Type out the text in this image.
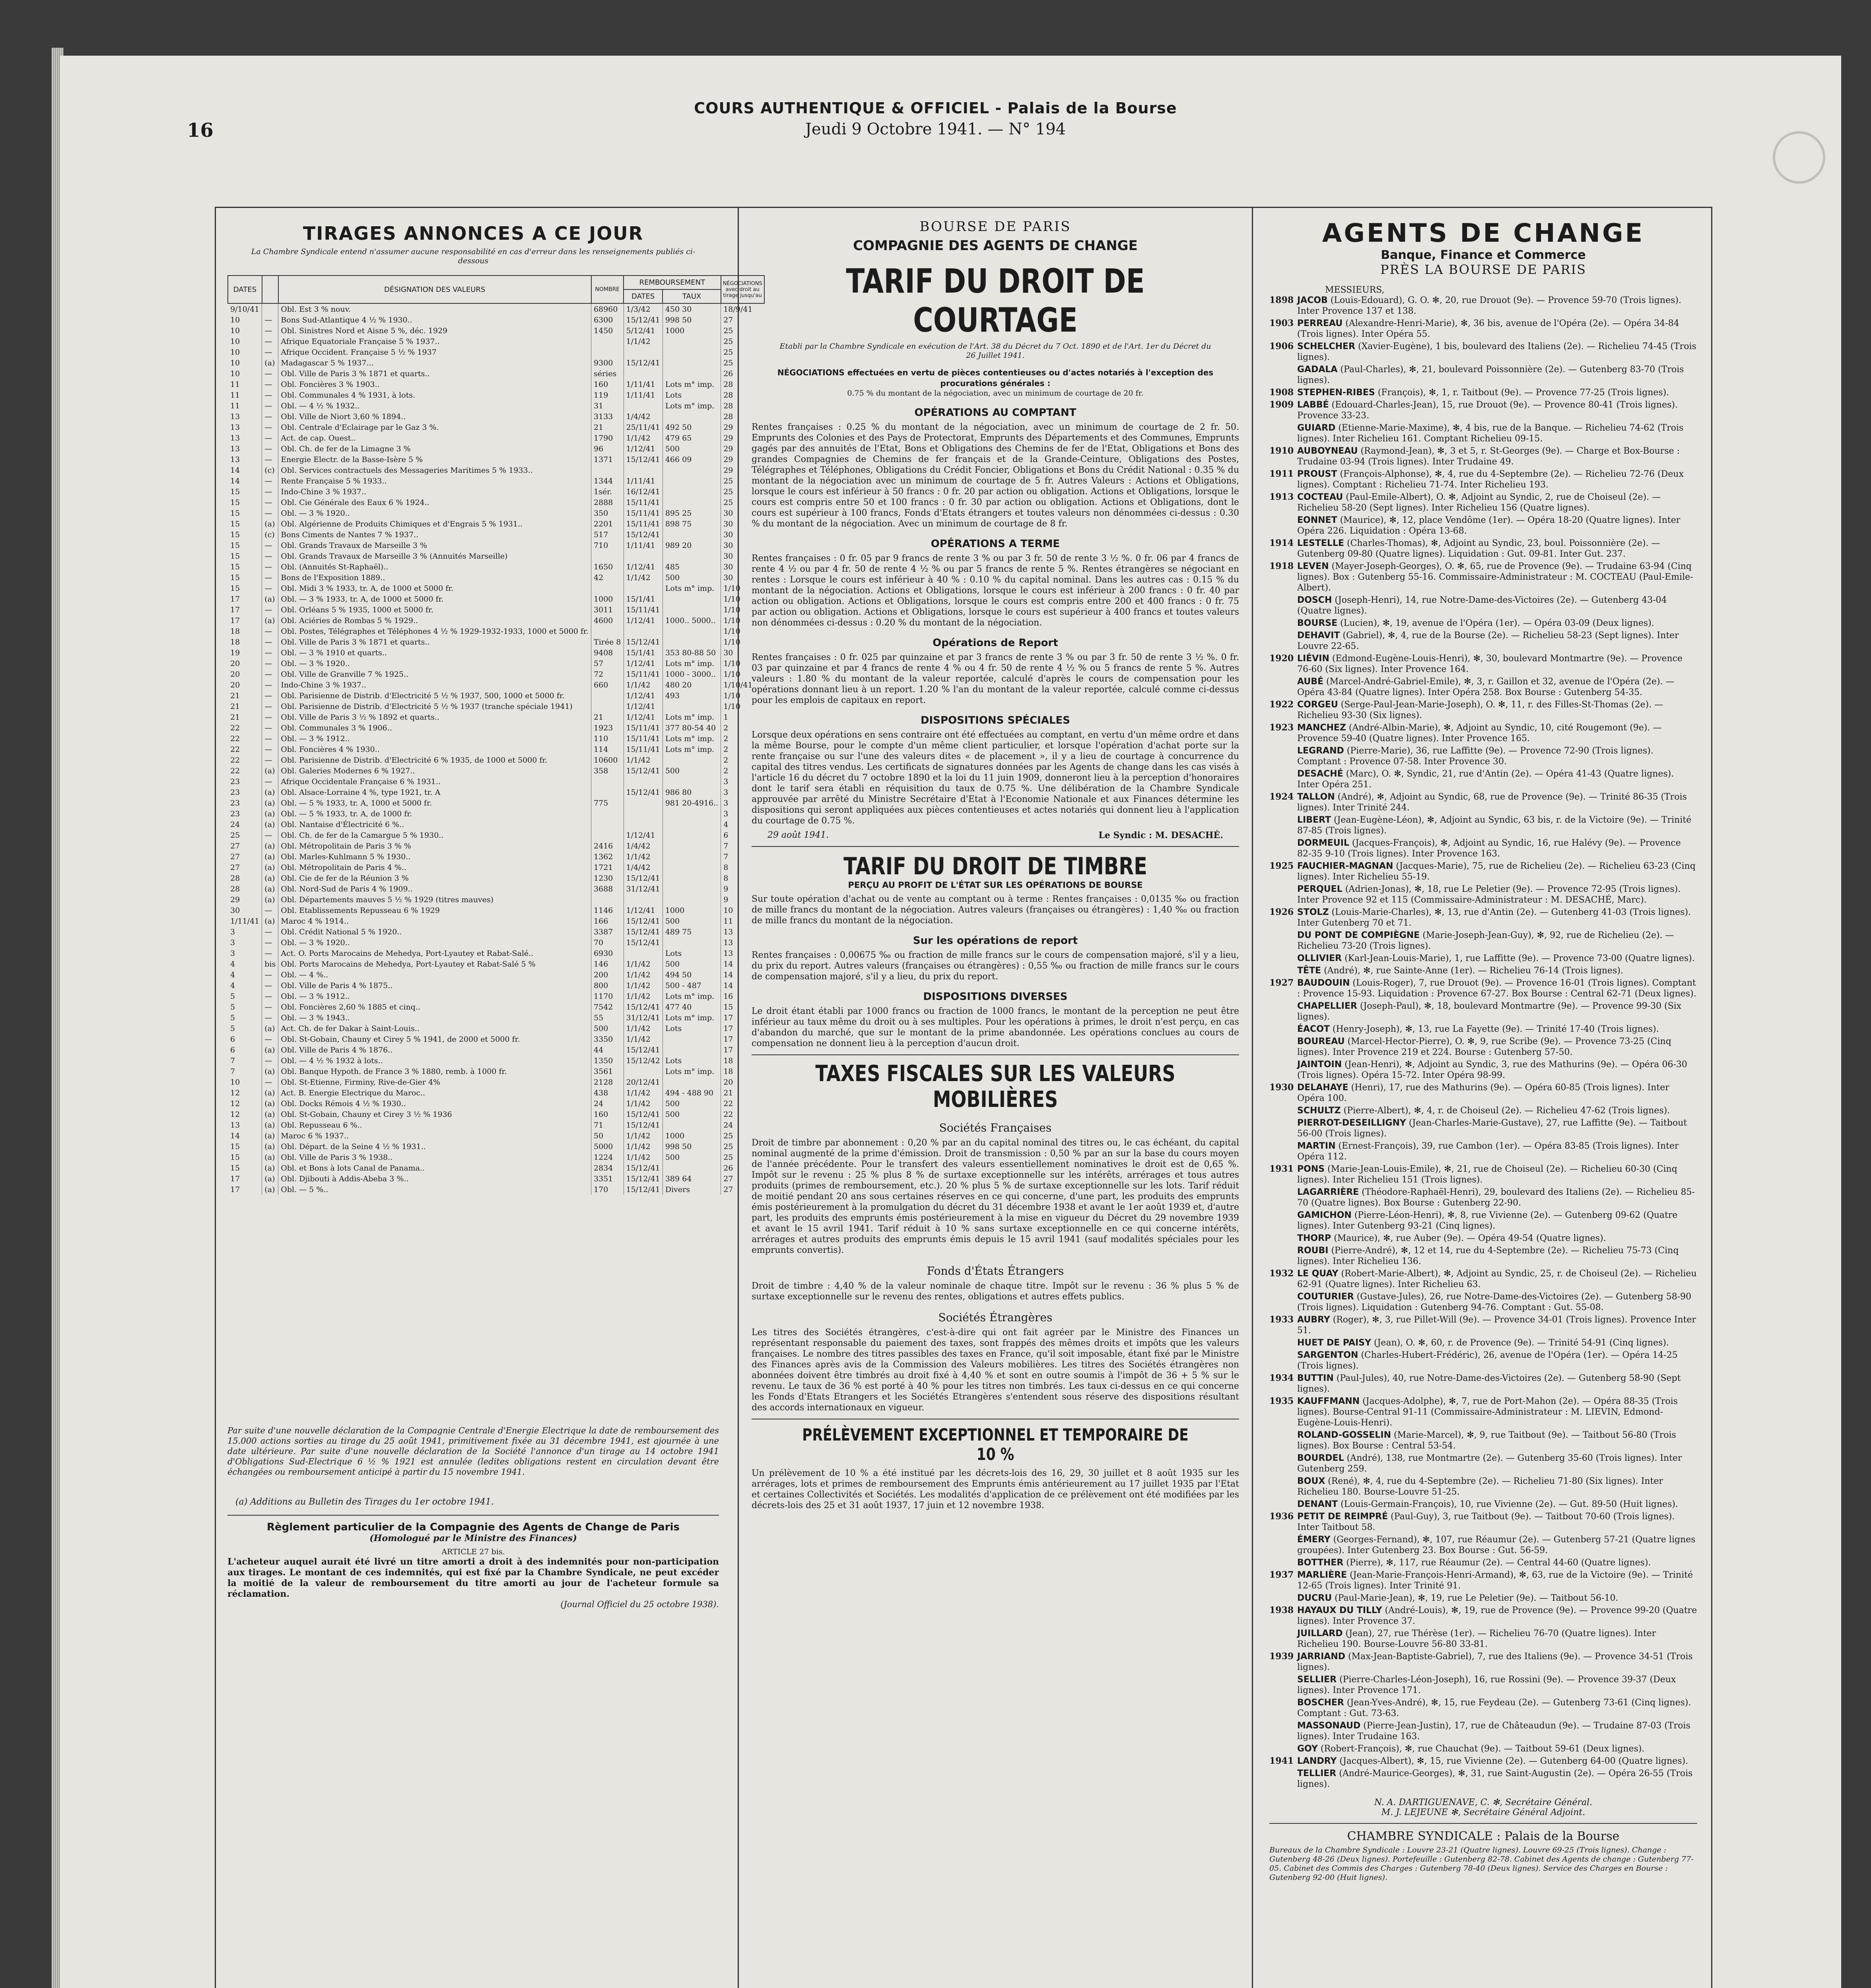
COURS AUTHENTIQUE & OFFICIEL - Palais de la Bourse
Jeudi 9 Octobre 1941. — N° 194
16
TIRAGES ANNONCES A CE JOUR
La Chambre Syndicale entend n'assumer aucune responsabilité en cas d'erreur dans les renseignements publiés ci-dessous
DATES		DÉSIGNATION DES VALEURS	NOMBRE	REMBOURSEMENT		NÉGOCIATIONS avec droit au tirage jusqu'au
				DATES	TAUX	
9/10/41		Obl. Est 3 % nouv.	68960	1/3/42	450 30	18/9/41
10	—	Bons Sud-Atlantique 4 ½ % 1930..	6300	15/12/41	998 50	27
10	—	Obl. Sinistres Nord et Aisne 5 %, déc. 1929	1450	5/12/41	1000	25
10	—	Afrique Equatoriale Française 5 % 1937..		1/1/42		25
10	—	Afrique Occident. Française 5 ½ % 1937				25
10	(a)	Madagascar 5 % 1937...	9300	15/12/41		25
10	—	Obl. Ville de Paris 3 % 1871 et quarts..	séries			26
11	—	Obl. Foncières 3 % 1903..	160	1/11/41	Lots m° imp.	28
11	—	Obl. Communales 4 % 1931, à lots.	119	1/11/41	Lots	28
11	—	Obl. — 4 ½ % 1932..	31		Lots m° imp.	28
13	—	Obl. Ville de Niort 3,60 % 1894..	3133	1/4/42		28
13	—	Obl. Centrale d'Eclairage par le Gaz 3 %.	21	25/11/41	492 50	29
13	—	Act. de cap. Ouest..	1790	1/1/42	479 65	29
13	—	Obl. Ch. de fer de la Limagne 3 %	96	1/12/41	500	29
13	—	Energie Electr. de la Basse-Isère 5 %	1371	15/12/41	466 09	29
14	(c)	Obl. Services contractuels des Messageries Maritimes 5 % 1933..				29
14	—	Rente Française 5 % 1933..	1344	1/11/41		25
15	—	Indo-Chine 3 % 1937..	1sér.	16/12/41		25
15	—	Obl. Cie Générale des Eaux 6 % 1924..	2888	15/11/41		25
15	—	Obl. — 3 % 1920..	350	15/11/41	895 25	30
15	(a)	Obl. Algérienne de Produits Chimiques et d'Engrais 5 % 1931..	2201	15/11/41	898 75	30
15	(c)	Bons Ciments de Nantes 7 % 1937..	517	15/12/41		30
15	—	Obl. Grands Travaux de Marseille 3 %	710	1/11/41	989 20	30
15	—	Obl. Grands Travaux de Marseille 3 % (Annuités Marseille)				30
15	—	Obl. (Annuités St-Raphaël)..	1650	1/12/41	485	30
15	—	Bons de l'Exposition 1889..	42	1/1/42	500	30
15	—	Obl. Midi 3 % 1933, tr. A, de 1000 et 5000 fr.			Lots m° imp.	1/10
17	(a)	Obl. — 3 % 1933, tr. A, de 1000 et 5000 fr.	1000	15/1/41		1/10
17	—	Obl. Orléans 5 % 1935, 1000 et 5000 fr.	3011	15/11/41		1/10
17	(a)	Obl. Aciéries de Rombas 5 % 1929..	4600	1/12/41	1000.. 5000..	1/10
18	—	Obl. Postes, Télégraphes et Téléphones 4 ½ % 1929-1932-1933, 1000 et 5000 fr.				1/10
18	—	Obl. Ville de Paris 3 % 1871 et quarts..	Tirée 8	15/12/41		1/10
19	—	Obl. — 3 % 1910 et quarts..	9408	15/1/41	353 80-88 50	30
20	—	Obl. — 3 % 1920..	57	1/12/41	Lots m° imp.	1/10
20	—	Obl. Ville de Granville 7 % 1925..	72	15/11/41	1000 - 3000..	1/10
20	—	Indo-Chine 3 % 1937..	660	1/1/42	480 20	1/10/41
21	—	Obl. Parisienne de Distrib. d'Electricité 5 ½ % 1937, 500, 1000 et 5000 fr.		1/12/41	493	1/10
21	—	Obl. Parisienne de Distrib. d'Electricité 5 ½ % 1937 (tranche spéciale 1941)		1/12/41		1/10
21	—	Obl. Ville de Paris 3 ½ % 1892 et quarts..	21	1/12/41	Lots m° imp.	1
22	—	Obl. Communales 3 % 1906..	1923	15/11/41	377 80-54 40	2
22	—	Obl. — 3 % 1912..	110	15/11/41	Lots m° imp.	2
22	—	Obl. Foncières 4 % 1930..	114	15/11/41	Lots m° imp.	2
22	—	Obl. Parisienne de Distrib. d'Electricité 6 % 1935, de 1000 et 5000 fr.	10600	1/1/42		2
22	(a)	Obl. Galeries Modernes 6 % 1927..	358	15/12/41	500	2
23	—	Afrique Occidentale Française 6 % 1931..				3
23	(a)	Obl. Alsace-Lorraine 4 %, type 1921, tr. A		15/12/41	986 80	3
23	(a)	Obl. — 5 % 1933, tr. A, 1000 et 5000 fr.	775		981 20-4916..	3
23	(a)	Obl. — 5 % 1933, tr. A, de 1000 fr.				3
24	(a)	Obl. Nantaise d'Électricité 6 %..				4
25	—	Obl. Ch. de fer de la Camargue 5 % 1930..		1/12/41		6
27	(a)	Obl. Métropolitain de Paris 3 % %	2416	1/4/42		7
27	(a)	Obl. Marles-Kuhlmann 5 % 1930..	1362	1/1/42		7
27	(a)	Obl. Métropolitain de Paris 4 %..	1721	1/4/42		8
28	(a)	Obl. Cie de fer de la Réunion 3 %	1230	15/12/41		8
28	(a)	Obl. Nord-Sud de Paris 4 % 1909..	3688	31/12/41		9
29	(a)	Obl. Départements mauves 5 ½ % 1929 (titres mauves)				9
30	—	Obl. Etablissements Repusseau 6 % 1929	1146	1/12/41	1000	10
1/11/41	(a)	Maroc 4 % 1914..	166	15/12/41	500	11
3	—	Obl. Crédit National 5 % 1920..	3387	15/12/41	489 75	13
3	—	Obl. — 3 % 1920..	70	15/12/41		13
3	—	Act. O. Ports Marocains de Mehedya, Port-Lyautey et Rabat-Salé..	6930		Lots	13
4	bis	Obl. Ports Marocains de Mehedya, Port-Lyautey et Rabat-Salé 5 %	146	1/1/42	500	14
4	—	Obl. — 4 %..	200	1/1/42	494 50	14
4	—	Obl. Ville de Paris 4 % 1875..	800	1/1/42	500 - 487	14
5	—	Obl. — 3 % 1912..	1170	1/1/42	Lots m° imp.	16
5	—	Obl. Foncières 2,60 % 1885 et cinq..	7542	15/12/41	477 40	15
5	—	Obl. — 3 % 1943..	55	31/12/41	Lots m° imp.	17
5	(a)	Act. Ch. de fer Dakar à Saint-Louis..	500	1/1/42	Lots	17
6	—	Obl. St-Gobain, Chauny et Cirey 5 % 1941, de 2000 et 5000 fr.	3350	1/1/42		17
6	(a)	Obl. Ville de Paris 4 % 1876..	44	15/12/41		17
7	—	Obl. — 4 ½ % 1932 à lots..	1350	15/12/42	Lots	18
7	(a)	Obl. Banque Hypoth. de France 3 % 1880, remb. à 1000 fr.	3561		Lots m° imp.	18
10	—	Obl. St-Etienne, Firminy, Rive-de-Gier 4%	2128	20/12/41		20
12	(a)	Act. B. Energie Electrique du Maroc..	438	1/1/42	494 - 488 90	21
12	(a)	Obl. Docks Rémois 4 ½ % 1930..	24	1/1/42	500	22
12	(a)	Obl. St-Gobain, Chauny et Cirey 3 ½ % 1936	160	15/12/41	500	22
13	(a)	Obl. Repusseau 6 %..	71	15/12/41		24
14	(a)	Maroc 6 % 1937..	50	1/1/42	1000	25
15	(a)	Obl. Départ. de la Seine 4 ½ % 1931..	5000	1/1/42	998 50	25
15	(a)	Obl. Ville de Paris 3 % 1938..	1224	1/1/42	500	25
15	(a)	Obl. et Bons à lots Canal de Panama..	2834	15/12/41		26
17	(a)	Obl. Djibouti à Addis-Abeba 3 %..	3351	15/12/41	389 64	27
17	(a)	Obl. — 5 %..	170	15/12/41	Divers	27
Par suite d'une nouvelle déclaration de la Compagnie Centrale d'Energie Electrique la date de remboursement des 15.000 actions sorties au tirage du 25 août 1941, primitivement fixée au 31 décembre 1941, est ajournée à une date ultérieure. Par suite d'une nouvelle déclaration de la Société l'annonce d'un tirage au 14 octobre 1941 d'Obligations Sud-Electrique 6 ½ % 1921 est annulée (ledites obligations restent en circulation devant être échangées ou remboursement anticipé à partir du 15 novembre 1941.
(a) Additions au Bulletin des Tirages du 1er octobre 1941.
Règlement particulier de la Compagnie des Agents de Change de Paris
(Homologué par le Ministre des Finances)
ARTICLE 27 bis.
L'acheteur auquel aurait été livré un titre amorti a droit à des indemnités pour non-participation aux tirages. Le montant de ces indemnités, qui est fixé par la Chambre Syndicale, ne peut excéder la moitié de la valeur de remboursement du titre amorti au jour de l'acheteur formule sa réclamation.
(Journal Officiel du 25 octobre 1938).
BOURSE DE PARIS
COMPAGNIE DES AGENTS DE CHANGE
TARIF DU DROIT DE COURTAGE
Etabli par la Chambre Syndicale en exécution de l'Art. 38 du Décret du 7 Oct. 1890 et de l'Art. 1er du Décret du 26 Juillet 1941.
NÉGOCIATIONS effectuées en vertu de pièces contentieuses ou d'actes notariés à l'exception des procurations générales :
0.75 % du montant de la négociation, avec un minimum de courtage de 20 fr.
OPÉRATIONS AU COMPTANT
Rentes françaises : 0.25 % du montant de la négociation, avec un minimum de courtage de 2 fr. 50. Emprunts des Colonies et des Pays de Protectorat, Emprunts des Départements et des Communes, Emprunts gagés par des annuités de l'Etat, Bons et Obligations des Chemins de fer de l'Etat, Obligations et Bons des grandes Compagnies de Chemins de fer français et de la Grande-Ceinture, Obligations des Postes, Télégraphes et Téléphones, Obligations du Crédit Foncier, Obligations et Bons du Crédit National : 0.35 % du montant de la négociation avec un minimum de courtage de 5 fr. Autres Valeurs : Actions et Obligations, lorsque le cours est inférieur à 50 francs : 0 fr. 20 par action ou obligation. Actions et Obligations, lorsque le cours est compris entre 50 et 100 francs : 0 fr. 30 par action ou obligation. Actions et Obligations, dont le cours est supérieur à 100 francs, Fonds d'Etats étrangers et toutes valeurs non dénommées ci-dessus : 0.30 % du montant de la négociation. Avec un minimum de courtage de 8 fr.
OPÉRATIONS A TERME
Rentes françaises : 0 fr. 05 par 9 francs de rente 3 % ou par 3 fr. 50 de rente 3 ½ %. 0 fr. 06 par 4 francs de rente 4 ½ ou par 4 fr. 50 de rente 4 ½ % ou par 5 francs de rente 5 %. Rentes étrangères se négociant en rentes : Lorsque le cours est inférieur à 40 % : 0.10 % du capital nominal. Dans les autres cas : 0.15 % du montant de la négociation. Actions et Obligations, lorsque le cours est inférieur à 200 francs : 0 fr. 40 par action ou obligation. Actions et Obligations, lorsque le cours est compris entre 200 et 400 francs : 0 fr. 75 par action ou obligation. Actions et Obligations, lorsque le cours est supérieur à 400 francs et toutes valeurs non dénommées ci-dessus : 0.20 % du montant de la négociation.
Opérations de Report
Rentes françaises : 0 fr. 025 par quinzaine et par 3 francs de rente 3 % ou par 3 fr. 50 de rente 3 ½ %. 0 fr. 03 par quinzaine et par 4 francs de rente 4 % ou 4 fr. 50 de rente 4 ½ % ou 5 francs de rente 5 %. Autres valeurs : 1.80 % du montant de la valeur reportée, calculé d'après le cours de compensation pour les opérations donnant lieu à un report. 1.20 % l'an du montant de la valeur reportée, calculé comme ci-dessus pour les emplois de capitaux en report.
DISPOSITIONS SPÉCIALES
Lorsque deux opérations en sens contraire ont été effectuées au comptant, en vertu d'un même ordre et dans la même Bourse, pour le compte d'un même client particulier, et lorsque l'opération d'achat porte sur la rente française ou sur l'une des valeurs dites « de placement », il y a lieu de courtage à concurrence du capital des titres vendus. Les certificats de signatures données par les Agents de change dans les cas visés à l'article 16 du décret du 7 octobre 1890 et la loi du 11 juin 1909, donneront lieu à la perception d'honoraires dont le tarif sera établi en réquisition du taux de 0.75 %. Une délibération de la Chambre Syndicale approuvée par arrêté du Ministre Secrétaire d'Etat à l'Economie Nationale et aux Finances détermine les dispositions qui seront appliquées aux pièces contentieuses et actes notariés qui donnent lieu à l'application du courtage de 0.75 %.
29 août 1941.	Le Syndic : M. DESACHÉ.
TARIF DU DROIT DE TIMBRE
PERÇU AU PROFIT DE L'ÉTAT SUR LES OPÉRATIONS DE BOURSE
Sur toute opération d'achat ou de vente au comptant ou à terme : Rentes françaises : 0,0135 ‰ ou fraction de mille francs du montant de la négociation. Autres valeurs (françaises ou étrangères) : 1,40 ‰ ou fraction de mille francs du montant de la négociation.
Sur les opérations de report
Rentes françaises : 0,00675 ‰ ou fraction de mille francs sur le cours de compensation majoré, s'il y a lieu, du prix du report. Autres valeurs (françaises ou étrangères) : 0,55 ‰ ou fraction de mille francs sur le cours de compensation majoré, s'il y a lieu, du prix du report.
DISPOSITIONS DIVERSES
Le droit étant établi par 1000 francs ou fraction de 1000 francs, le montant de la perception ne peut être inférieur au taux même du droit ou à ses multiples. Pour les opérations à primes, le droit n'est perçu, en cas d'abandon du marché, que sur le montant de la prime abandonnée. Les opérations conclues au cours de compensation ne donnent lieu à la perception d'aucun droit.
TAXES FISCALES SUR LES VALEURS MOBILIÈRES
Sociétés Françaises
Droit de timbre par abonnement : 0,20 % par an du capital nominal des titres ou, le cas échéant, du capital nominal augmenté de la prime d'émission. Droit de transmission : 0,50 % par an sur la base du cours moyen de l'année précédente. Pour le transfert des valeurs essentiellement nominatives le droit est de 0,65 %. Impôt sur le revenu : 25 % plus 8 % de surtaxe exceptionnelle sur les intérêts, arrérages et tous autres produits (primes de remboursement, etc.). 20 % plus 5 % de surtaxe exceptionnelle sur les lots. Tarif réduit de moitié pendant 20 ans sous certaines réserves en ce qui concerne, d'une part, les produits des emprunts émis postérieurement à la promulgation du décret du 31 décembre 1938 et avant le 1er août 1939 et, d'autre part, les produits des emprunts émis postérieurement à la mise en vigueur du Décret du 29 novembre 1939 et avant le 15 avril 1941. Tarif réduit à 10 % sans surtaxe exceptionnelle en ce qui concerne intérêts, arrérages et autres produits des emprunts émis depuis le 15 avril 1941 (sauf modalités spéciales pour les emprunts convertis).
Fonds d'États Étrangers
Droit de timbre : 4,40 % de la valeur nominale de chaque titre. Impôt sur le revenu : 36 % plus 5 % de surtaxe exceptionnelle sur le revenu des rentes, obligations et autres effets publics.
Sociétés Étrangères
Les titres des Sociétés étrangères, c'est-à-dire qui ont fait agréer par le Ministre des Finances un représentant responsable du paiement des taxes, sont frappés des mêmes droits et impôts que les valeurs françaises. Le nombre des titres passibles des taxes en France, qu'il soit imposable, étant fixé par le Ministre des Finances après avis de la Commission des Valeurs mobilières. Les titres des Sociétés étrangères non abonnées doivent être timbrés au droit fixé à 4,40 % et sont en outre soumis à l'impôt de 36 + 5 % sur le revenu. Le taux de 36 % est porté à 40 % pour les titres non timbrés. Les taux ci-dessus en ce qui concerne les Fonds d'Etats Etrangers et les Sociétés Etrangères s'entendent sous réserve des dispositions résultant des accords internationaux en vigueur.
PRÉLÈVEMENT EXCEPTIONNEL ET TEMPORAIRE DE 10 %
Un prélèvement de 10 % a été institué par les décrets-lois des 16, 29, 30 juillet et 8 août 1935 sur les arrérages, lots et primes de remboursement des Emprunts émis antérieurement au 17 juillet 1935 par l'Etat et certaines Collectivités et Sociétés. Les modalités d'application de ce prélèvement ont été modifiées par les décrets-lois des 25 et 31 août 1937, 17 juin et 12 novembre 1938.
AGENTS DE CHANGE
Banque, Finance et Commerce
PRÈS LA BOURSE DE PARIS
MESSIEURS,
1898 JACOB (Louis-Edouard), G. O. ✻, 20, rue Drouot (9e). — Provence 59-70 (Trois lignes). Inter Provence 137 et 138.
1903 PERREAU (Alexandre-Henri-Marie), ✻, 36 bis, avenue de l'Opéra (2e). — Opéra 34-84 (Trois lignes). Inter Opéra 55.
1906 SCHELCHER (Xavier-Eugène), 1 bis, boulevard des Italiens (2e). — Richelieu 74-45 (Trois lignes).
GADALA (Paul-Charles), ✻, 21, boulevard Poissonnière (2e). — Gutenberg 83-70 (Trois lignes).
1908 STEPHEN-RIBES (François), ✻, 1, r. Taitbout (9e). — Provence 77-25 (Trois lignes).
1909 LABBÉ (Edouard-Charles-Jean), 15, rue Drouot (9e). — Provence 80-41 (Trois lignes). Provence 33-23.
GUIARD (Etienne-Marie-Maxime), ✻, 4 bis, rue de la Banque. — Richelieu 74-62 (Trois lignes). Inter Richelieu 161. Comptant Richelieu 09-15.
1910 AUBOYNEAU (Raymond-Jean), ✻, 3 et 5, r. St-Georges (9e). — Charge et Box-Bourse : Trudaine 03-94 (Trois lignes). Inter Trudaine 49.
1911 PROUST (François-Alphonse), ✻, 4, rue du 4-Septembre (2e). — Richelieu 72-76 (Deux lignes). Comptant : Richelieu 71-74. Inter Richelieu 193.
1913 COCTEAU (Paul-Emile-Albert), O. ✻, Adjoint au Syndic, 2, rue de Choiseul (2e). — Richelieu 58-20 (Sept lignes). Inter Richelieu 156 (Quatre lignes).
EONNET (Maurice), ✻, 12, place Vendôme (1er). — Opéra 18-20 (Quatre lignes). Inter Opéra 226. Liquidation : Opéra 13-68.
1914 LESTELLE (Charles-Thomas), ✻, Adjoint au Syndic, 23, boul. Poissonnière (2e). — Gutenberg 09-80 (Quatre lignes). Liquidation : Gut. 09-81. Inter Gut. 237.
1918 LEVEN (Mayer-Joseph-Georges), O. ✻, 65, rue de Provence (9e). — Trudaine 63-94 (Cinq lignes). Box : Gutenberg 55-16. Commissaire-Administrateur : M. COCTEAU (Paul-Emile-Albert).
DOSCH (Joseph-Henri), 14, rue Notre-Dame-des-Victoires (2e). — Gutenberg 43-04 (Quatre lignes).
BOURSE (Lucien), ✻, 19, avenue de l'Opéra (1er). — Opéra 03-09 (Deux lignes).
DEHAVIT (Gabriel), ✻, 4, rue de la Bourse (2e). — Richelieu 58-23 (Sept lignes). Inter Louvre 22-65.
1920 LIÉVIN (Edmond-Eugène-Louis-Henri), ✻, 30, boulevard Montmartre (9e). — Provence 76-60 (Six lignes). Inter Provence 164.
AUBÉ (Marcel-André-Gabriel-Emile), ✻, 3, r. Gaillon et 32, avenue de l'Opéra (2e). — Opéra 43-84 (Quatre lignes). Inter Opéra 258. Box Bourse : Gutenberg 54-35.
1922 CORGEU (Serge-Paul-Jean-Marie-Joseph), O. ✻, 11, r. des Filles-St-Thomas (2e). — Richelieu 93-30 (Six lignes).
1923 MANCHEZ (André-Albin-Marie), ✻, Adjoint au Syndic, 10, cité Rougemont (9e). — Provence 59-40 (Quatre lignes). Inter Provence 165.
LEGRAND (Pierre-Marie), 36, rue Laffitte (9e). — Provence 72-90 (Trois lignes). Comptant : Provence 07-58. Inter Provence 30.
DESACHÉ (Marc), O. ✻, Syndic, 21, rue d'Antin (2e). — Opéra 41-43 (Quatre lignes). Inter Opéra 251.
1924 TALLON (André), ✻, Adjoint au Syndic, 68, rue de Provence (9e). — Trinité 86-35 (Trois lignes). Inter Trinité 244.
LIBERT (Jean-Eugène-Léon), ✻, Adjoint au Syndic, 63 bis, r. de la Victoire (9e). — Trinité 87-85 (Trois lignes).
DORMEUIL (Jacques-François), ✻, Adjoint au Syndic, 16, rue Halévy (9e). — Provence 82-35 9-10 (Trois lignes). Inter Provence 163.
1925 FAUCHIER-MAGNAN (Jacques-Marie), 75, rue de Richelieu (2e). — Richelieu 63-23 (Cinq lignes). Inter Richelieu 55-19.
PERQUEL (Adrien-Jonas), ✻, 18, rue Le Peletier (9e). — Provence 72-95 (Trois lignes). Inter Provence 92 et 115 (Commissaire-Administrateur : M. DESACHÉ, Marc).
1926 STOLZ (Louis-Marie-Charles), ✻, 13, rue d'Antin (2e). — Gutenberg 41-03 (Trois lignes). Inter Gutenberg 70 et 71.
DU PONT DE COMPIÈGNE (Marie-Joseph-Jean-Guy), ✻, 92, rue de Richelieu (2e). — Richelieu 73-20 (Trois lignes).
OLLIVIER (Karl-Jean-Louis-Marie), 1, rue Laffitte (9e). — Provence 73-00 (Quatre lignes).
TÊTE (André), ✻, rue Sainte-Anne (1er). — Richelieu 76-14 (Trois lignes).
1927 BAUDOUIN (Louis-Roger), 7, rue Drouot (9e). — Provence 16-01 (Trois lignes). Comptant : Provence 15-93. Liquidation : Provence 67-27. Box Bourse : Central 62-71 (Deux lignes).
CHAPELLIER (Joseph-Paul), ✻, 18, boulevard Montmartre (9e). — Provence 99-30 (Six lignes).
ÉACOT (Henry-Joseph), ✻, 13, rue La Fayette (9e). — Trinité 17-40 (Trois lignes).
BOUREAU (Marcel-Hector-Pierre), O. ✻, 9, rue Scribe (9e). — Provence 73-25 (Cinq lignes). Inter Provence 219 et 224. Bourse : Gutenberg 57-50.
JAINTOIN (Jean-Henri), ✻, Adjoint au Syndic, 3, rue des Mathurins (9e). — Opéra 06-30 (Trois lignes). Opéra 15-72. Inter Opéra 98-99.
1930 DELAHAYE (Henri), 17, rue des Mathurins (9e). — Opéra 60-85 (Trois lignes). Inter Opéra 100.
SCHULTZ (Pierre-Albert), ✻, 4, r. de Choiseul (2e). — Richelieu 47-62 (Trois lignes).
PIERROT-DESEILLIGNY (Jean-Charles-Marie-Gustave), 27, rue Laffitte (9e). — Taitbout 56-00 (Trois lignes).
MARTIN (Ernest-François), 39, rue Cambon (1er). — Opéra 83-85 (Trois lignes). Inter Opéra 112.
1931 PONS (Marie-Jean-Louis-Emile), ✻, 21, rue de Choiseul (2e). — Richelieu 60-30 (Cinq lignes). Inter Richelieu 151 (Trois lignes).
LAGARRIÈRE (Théodore-Raphaël-Henri), 29, boulevard des Italiens (2e). — Richelieu 85-70 (Quatre lignes). Box Bourse : Gutenberg 22-90.
GAMICHON (Pierre-Léon-Henri), ✻, 8, rue Vivienne (2e). — Gutenberg 09-62 (Quatre lignes). Inter Gutenberg 93-21 (Cinq lignes).
THORP (Maurice), ✻, rue Auber (9e). — Opéra 49-54 (Quatre lignes).
ROUBI (Pierre-André), ✻, 12 et 14, rue du 4-Septembre (2e). — Richelieu 75-73 (Cinq lignes). Inter Richelieu 136.
1932 LE QUAY (Robert-Marie-Albert), ✻, Adjoint au Syndic, 25, r. de Choiseul (2e). — Richelieu 62-91 (Quatre lignes). Inter Richelieu 63.
COUTURIER (Gustave-Jules), 26, rue Notre-Dame-des-Victoires (2e). — Gutenberg 58-90 (Trois lignes). Liquidation : Gutenberg 94-76. Comptant : Gut. 55-08.
1933 AUBRY (Roger), ✻, 3, rue Pillet-Will (9e). — Provence 34-01 (Trois lignes). Provence Inter 51.
HUET DE PAISY (Jean), O. ✻, 60, r. de Provence (9e). — Trinité 54-91 (Cinq lignes).
SARGENTON (Charles-Hubert-Frédéric), 26, avenue de l'Opéra (1er). — Opéra 14-25 (Trois lignes).
1934 BUTTIN (Paul-Jules), 40, rue Notre-Dame-des-Victoires (2e). — Gutenberg 58-90 (Sept lignes).
1935 KAUFFMANN (Jacques-Adolphe), ✻, 7, rue de Port-Mahon (2e). — Opéra 88-35 (Trois lignes). Bourse-Central 91-11 (Commissaire-Administrateur : M. LIEVIN, Edmond-Eugène-Louis-Henri).
ROLAND-GOSSELIN (Marie-Marcel), ✻, 9, rue Taitbout (9e). — Taitbout 56-80 (Trois lignes). Box Bourse : Central 53-54.
BOURDEL (André), 138, rue Montmartre (2e). — Gutenberg 35-60 (Trois lignes). Inter Gutenberg 259.
BOUX (René), ✻, 4, rue du 4-Septembre (2e). — Richelieu 71-80 (Six lignes). Inter Richelieu 180. Bourse-Louvre 51-25.
DENANT (Louis-Germain-François), 10, rue Vivienne (2e). — Gut. 89-50 (Huit lignes).
1936 PETIT DE REIMPRÉ (Paul-Guy), 3, rue Taitbout (9e). — Taitbout 70-60 (Trois lignes). Inter Taitbout 58.
ÉMERY (Georges-Fernand), ✻, 107, rue Réaumur (2e). — Gutenberg 57-21 (Quatre lignes groupées). Inter Gutenberg 23. Box Bourse : Gut. 56-59.
BOTTHER (Pierre), ✻, 117, rue Réaumur (2e). — Central 44-60 (Quatre lignes).
1937 MARLIÈRE (Jean-Marie-François-Henri-Armand), ✻, 63, rue de la Victoire (9e). — Trinité 12-65 (Trois lignes). Inter Trinité 91.
DUCRU (Paul-Marie-Jean), ✻, 19, rue Le Peletier (9e). — Taitbout 56-10.
1938 HAYAUX DU TILLY (André-Louis), ✻, 19, rue de Provence (9e). — Provence 99-20 (Quatre lignes). Inter Provence 37.
JUILLARD (Jean), 27, rue Thérèse (1er). — Richelieu 76-70 (Quatre lignes). Inter Richelieu 190. Bourse-Louvre 56-80 33-81.
1939 JARRIAND (Max-Jean-Baptiste-Gabriel), 7, rue des Italiens (9e). — Provence 34-51 (Trois lignes).
SELLIER (Pierre-Charles-Léon-Joseph), 16, rue Rossini (9e). — Provence 39-37 (Deux lignes). Inter Provence 171.
BOSCHER (Jean-Yves-André), ✻, 15, rue Feydeau (2e). — Gutenberg 73-61 (Cinq lignes). Comptant : Gut. 73-63.
MASSONAUD (Pierre-Jean-Justin), 17, rue de Châteaudun (9e). — Trudaine 87-03 (Trois lignes). Inter Trudaine 163.
GOY (Robert-François), ✻, rue Chauchat (9e). — Taitbout 59-61 (Deux lignes).
1941 LANDRY (Jacques-Albert), ✻, 15, rue Vivienne (2e). — Gutenberg 64-00 (Quatre lignes).
TELLIER (André-Maurice-Georges), ✻, 31, rue Saint-Augustin (2e). — Opéra 26-55 (Trois lignes).
N. A. DARTIGUENAVE, C. ✻, Secrétaire Général.
M. J. LEJEUNE ✻, Secrétaire Général Adjoint.
CHAMBRE SYNDICALE : Palais de la Bourse
Bureaux de la Chambre Syndicale : Louvre 23-21 (Quatre lignes). Louvre 69-25 (Trois lignes). Change : Gutenberg 48-26 (Deux lignes). Portefeuille : Gutenberg 82-78. Cabinet des Agents de change : Gutenberg 77-05. Cabinet des Commis des Charges : Gutenberg 78-40 (Deux lignes). Service des Charges en Bourse : Gutenberg 92-00 (Huit lignes).
